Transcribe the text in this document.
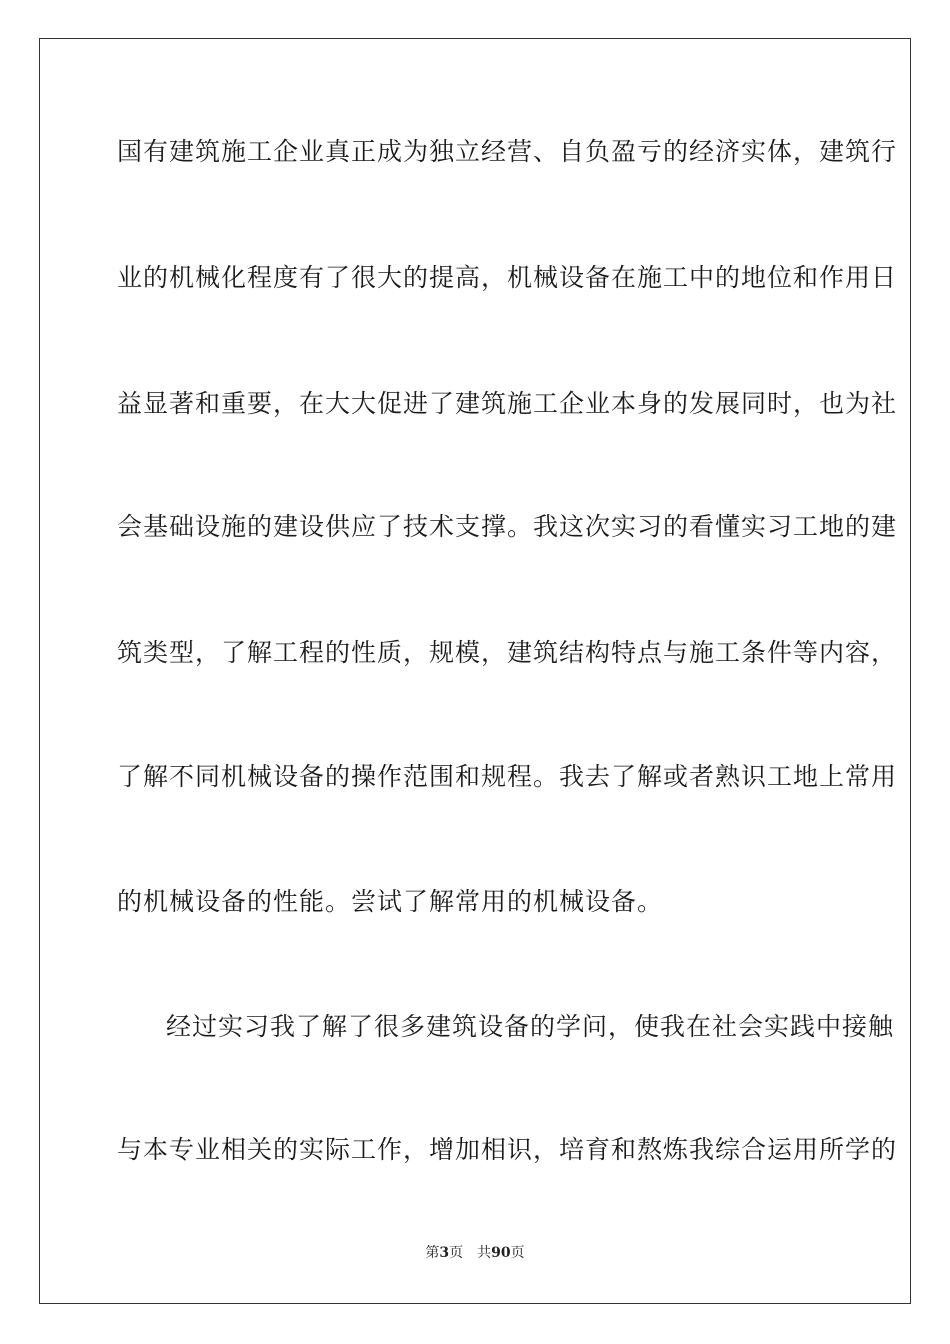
国有建筑施工企业真正成为独立经营、自负盈亏的经济实体，建筑行
业的机械化程度有了很大的提高，机械设备在施工中的地位和作用日
益显著和重要，在大大促进了建筑施工企业本身的发展同时，也为社
会基础设施的建设供应了技术支撑。我这次实习的看懂实习工地的建
筑类型，了解工程的性质，规模，建筑结构特点与施工条件等内容，
了解不同机械设备的操作范围和规程。我去了解或者熟识工地上常用
的机械设备的性能。尝试了解常用的机械设备。
经过实习我了解了很多建筑设备的学问，使我在社会实践中接触
与本专业相关的实际工作，增加相识，培育和熬炼我综合运用所学的
第3页 共90页
